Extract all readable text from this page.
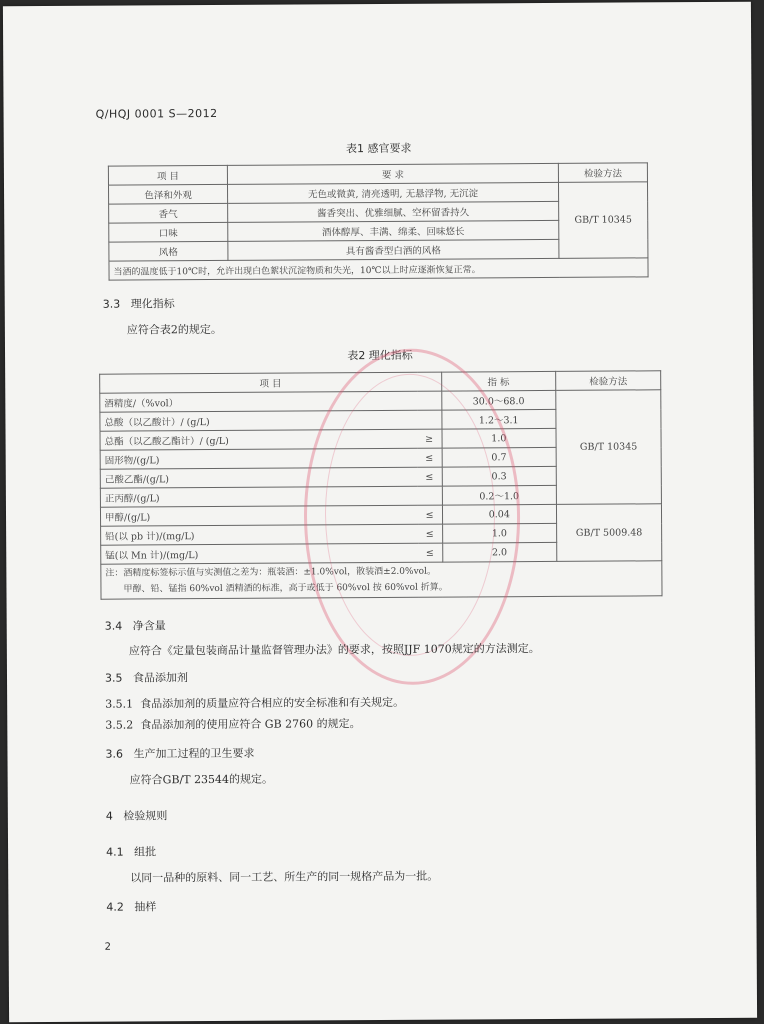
Q/HQJ 0001 S—2012
表1 感官要求
项 目	要 求	检验方法
色泽和外观	无色或微黄, 清亮透明, 无悬浮物, 无沉淀	GB/T 10345
香气	酱香突出、优雅细腻、空杯留香持久	
口味	酒体醇厚、丰满、绵柔、回味悠长	
风格	具有酱香型白酒的风格	
当酒的温度低于10℃时，允许出现白色絮状沉淀物质和失光，10℃以上时应逐渐恢复正常。		
3.3 理化指标
应符合表2的规定。
表2 理化指标
项 目		指 标	检验方法
酒精度/（%vol）		30.0～68.0	GB/T 10345
总酸（以乙酸计）/ (g/L)		1.2～3.1	
总酯（以乙酸乙酯计）/ (g/L)	≥	1.0	
固形物/(g/L)	≤	0.7	
己酸乙酯/(g/L)	≤	0.3	
正丙醇/(g/L)		0.2～1.0	
甲醇/(g/L)	≤	0.04	GB/T 5009.48
铅(以 pb 计)/(mg/L)	≤	1.0	
锰(以 Mn 计)/(mg/L)	≤	2.0	

注：酒精度标签标示值与实测值之差为：瓶装酒：±1.0%vol，散装酒±2.0%vol。
甲醇、铅、锰指 60%vol 酒精酒的标准，高于或低于 60%vol 按 60%vol 折算。			
3.4 净含量
应符合《定量包装商品计量监督管理办法》的要求，按照JJF 1070规定的方法测定。
3.5 食品添加剂
3.5.1 食品添加剂的质量应符合相应的安全标准和有关规定。
3.5.2 食品添加剂的使用应符合 GB 2760 的规定。
3.6 生产加工过程的卫生要求
应符合GB/T 23544的规定。
4 检验规则
4.1 组批
以同一品种的原料、同一工艺、所生产的同一规格产品为一批。
4.2 抽样
2
